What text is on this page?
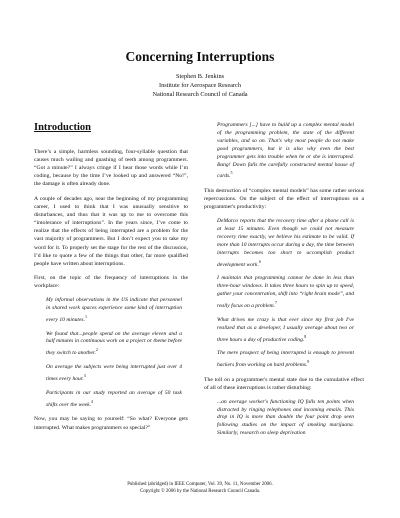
Concerning Interruptions
Stephen B. Jenkins
Institute for Aerospace Research
National Research Council of Canada
Introduction

There’s a simple, harmless sounding, four-syllable question that causes much wailing and gnashing of teeth among programmers. “Got a minute?” I always cringe if I hear those words while I’m coding, because by the time I’ve looked up and answered “No!”, the damage is often already done.

A couple of decades ago, near the beginning of my programming career, I used to think that I was unusually sensitive to disturbances, and thus that it was up to me to overcome this “intolerance of interruptions”. In the years since, I’ve come to realize that the effects of being interrupted are a problem for the vast majority of programmers. But I don’t expect you to take my word for it. To properly set the stage for the rest of the discussion, I’d like to quote a few of the things that other, far more qualified people have written about interruptions.

First, on the topic of the frequency of interruptions in the workplace:

My informal observations in the US indicate that personnel in shared work spaces experience some kind of interruption every 10 minutes.$^1$
We found that...people spend on the average eleven and a half minutes in continuous work on a project or theme before they switch to another.$^2$
On average the subjects were being interrupted just over 4 times every hour.$^3$
Participants in our study reported an average of 50 task shifts over the week.$^4$

Now, you may be saying to yourself: “So what? Everyone gets interrupted. What makes programmers so special?”

Programmers [...] have to build up a complex mental model of the programming problem, the state of the different variables, and so on. That's why most people do not make good programmers, but it is also why even the best programmer gets into trouble when he or she is interrupted. Bang! Down falls the carefully constructed mental house of cards.$^5$

This destruction of “complex mental models” has some rather serious repercussions. On the subject of the effect of interruptions on a programmer's productivity:

DeMarco reports that the recovery time after a phone call is at least 15 minutes. Even though we could not measure recovery time exactly, we believe his estimate to be valid. If more than 10 interrupts occur during a day, the time between interrupts becomes too short to accomplish product development work.$^6$
I maintain that programming cannot be done in less than three-hour windows. It takes three hours to spin up to speed, gather your concentration, shift into “right brain mode”, and really focus on a problem.$^7$
What drives me crazy is that ever since my first job I've realized that as a developer, I usually average about two or three hours a day of productive coding.$^8$
The mere prospect of being interrupted is enough to prevent hackers from working on hard problems.$^9$

The toll on a programmer's mental state due to the cumulative effect of all of these interruptions is rather disturbing:

...an average worker's functioning IQ falls ten points when distracted by ringing telephones and incoming emails. This drop in IQ is more than double the four point drop seen following studies on the impact of smoking marijuana. Similarly, research on sleep deprivation
Published (abridged) in IEEE Computer, Vol. 39, No. 11, November 2006.
Copyright © 2006 by the National Research Council Canada.
